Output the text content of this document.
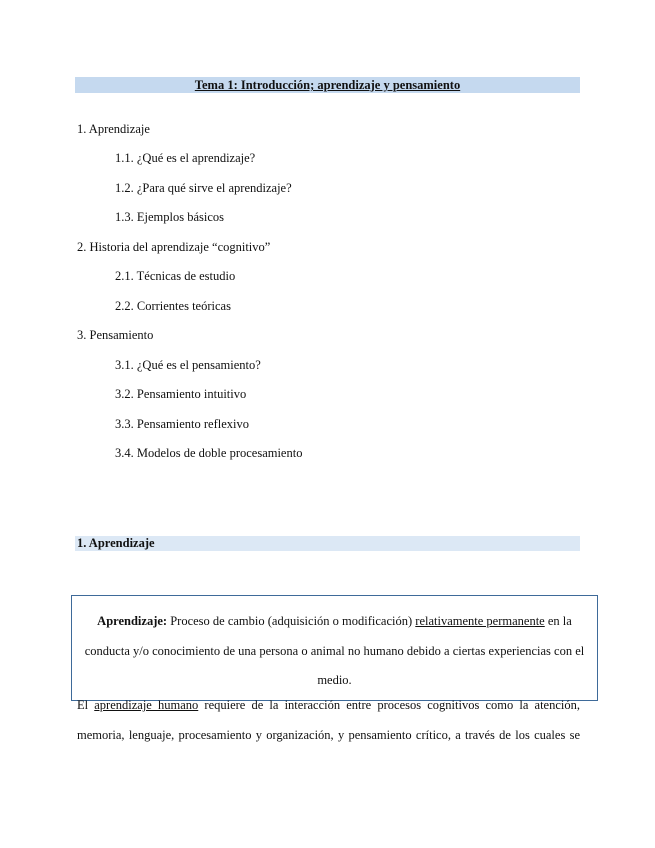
Tema 1: Introducción; aprendizaje y pensamiento
1. Aprendizaje
1.1. ¿Qué es el aprendizaje?
1.2. ¿Para qué sirve el aprendizaje?
1.3. Ejemplos básicos
2. Historia del aprendizaje “cognitivo”
2.1. Técnicas de estudio
2.2. Corrientes teóricas
3. Pensamiento
3.1. ¿Qué es el pensamiento?
3.2. Pensamiento intuitivo
3.3. Pensamiento reflexivo
3.4. Modelos de doble procesamiento
1. Aprendizaje
Aprendizaje: Proceso de cambio (adquisición o modificación) relativamente permanente en la conducta y/o conocimiento de una persona o animal no humano debido a ciertas experiencias con el medio.
El aprendizaje humano requiere de la interacción entre procesos cognitivos como la atención,
memoria, lenguaje, procesamiento y organización, y pensamiento crítico, a través de los cuales se
